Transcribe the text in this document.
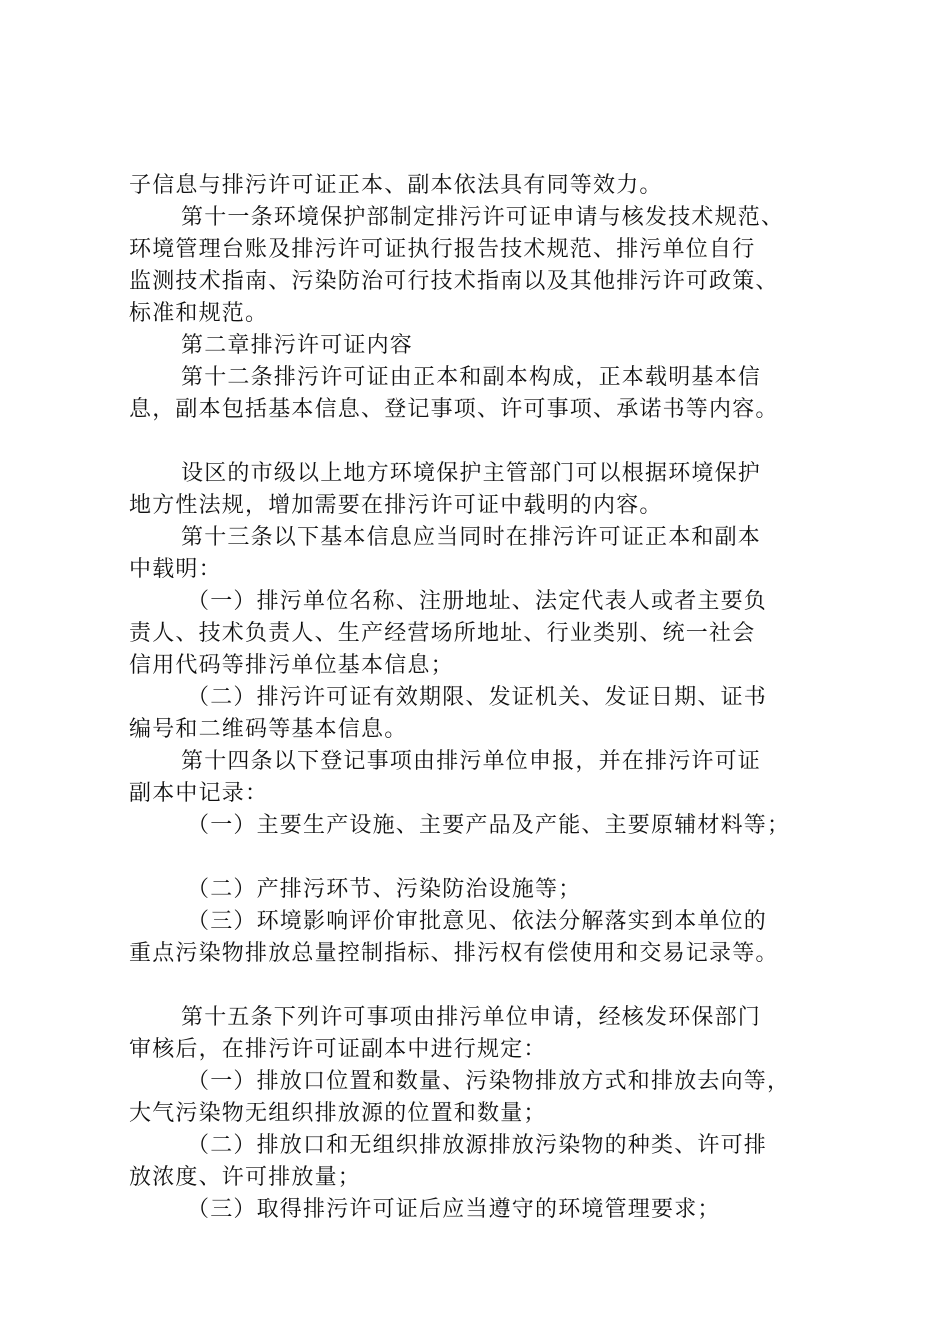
子信息与排污许可证正本、副本依法具有同等效力。
第十一条环境保护部制定排污许可证申请与核发技术规范、
环境管理台账及排污许可证执行报告技术规范、排污单位自行
监测技术指南、污染防治可行技术指南以及其他排污许可政策、
标准和规范。
第二章排污许可证内容
第十二条排污许可证由正本和副本构成，正本载明基本信
息，副本包括基本信息、登记事项、许可事项、承诺书等内容。
设区的市级以上地方环境保护主管部门可以根据环境保护
地方性法规，增加需要在排污许可证中载明的内容。
第十三条以下基本信息应当同时在排污许可证正本和副本
中载明：
（一）排污单位名称、注册地址、法定代表人或者主要负
责人、技术负责人、生产经营场所地址、行业类别、统一社会
信用代码等排污单位基本信息；
（二）排污许可证有效期限、发证机关、发证日期、证书
编号和二维码等基本信息。
第十四条以下登记事项由排污单位申报，并在排污许可证
副本中记录：
（一）主要生产设施、主要产品及产能、主要原辅材料等；
（二）产排污环节、污染防治设施等；
（三）环境影响评价审批意见、依法分解落实到本单位的
重点污染物排放总量控制指标、排污权有偿使用和交易记录等。
第十五条下列许可事项由排污单位申请，经核发环保部门
审核后，在排污许可证副本中进行规定：
（一）排放口位置和数量、污染物排放方式和排放去向等，
大气污染物无组织排放源的位置和数量；
（二）排放口和无组织排放源排放污染物的种类、许可排
放浓度、许可排放量；
（三）取得排污许可证后应当遵守的环境管理要求；
